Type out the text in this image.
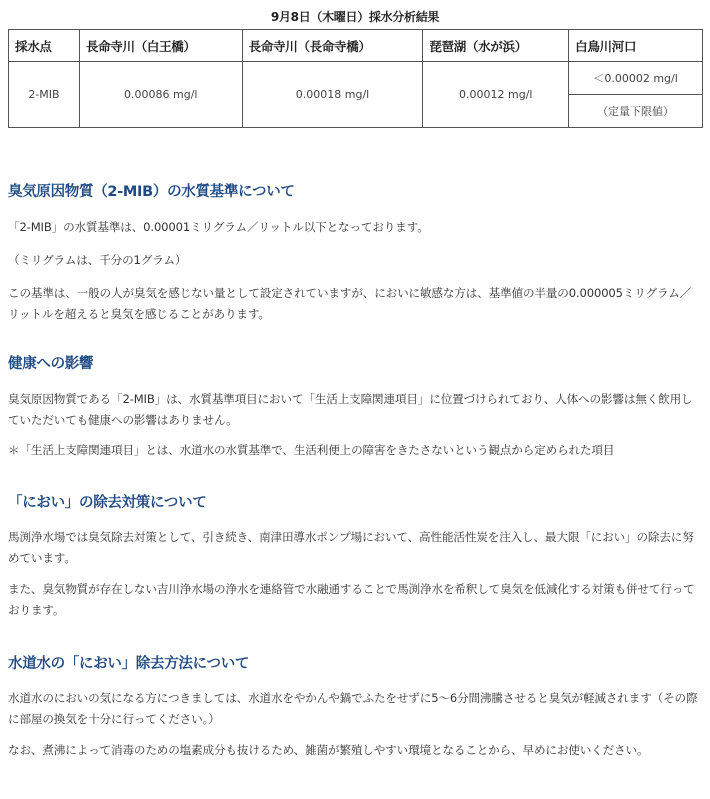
9月8日（木曜日）採水分析結果
採水点	長命寺川（白王橋）	長命寺川（長命寺橋）	琵琶湖（水が浜）	白鳥川河口
2-MIB	0.00086 mg/l	0.00018 mg/l	0.00012 mg/l	＜0.00002 mg/l
				（定量下限値）
臭気原因物質（2-MIB）の水質基準について

「2-MIB」の水質基準は、0.00001ミリグラム／リットル以下となっております。

（ミリグラムは、千分の1グラム）

この基準は、一般の人が臭気を感じない量として設定されていますが、においに敏感な方は、基準値の半量の0.000005ミリグラム／リットルを超えると臭気を感じることがあります。

健康への影響

臭気原因物質である「2-MIB」は、水質基準項目において「生活上支障関連項目」に位置づけられており、人体への影響は無く飲用していただいても健康への影響はありません。

＊「生活上支障関連項目」とは、水道水の水質基準で、生活利便上の障害をきたさないという観点から定められた項目

「におい」の除去対策について

馬渕浄水場では臭気除去対策として、引き続き、南津田導水ポンプ場において、高性能活性炭を注入し、最大限「におい」の除去に努めています。

また、臭気物質が存在しない吉川浄水場の浄水を連絡管で水融通することで馬渕浄水を希釈して臭気を低減化する対策も併せて行っております。

水道水の「におい」除去方法について

水道水のにおいの気になる方につきましては、水道水をやかんや鍋でふたをせずに5～6分間沸騰させると臭気が軽減されます（その際に部屋の換気を十分に行ってください。）

なお、煮沸によって消毒のための塩素成分も抜けるため、雑菌が繁殖しやすい環境となることから、早めにお使いください。
